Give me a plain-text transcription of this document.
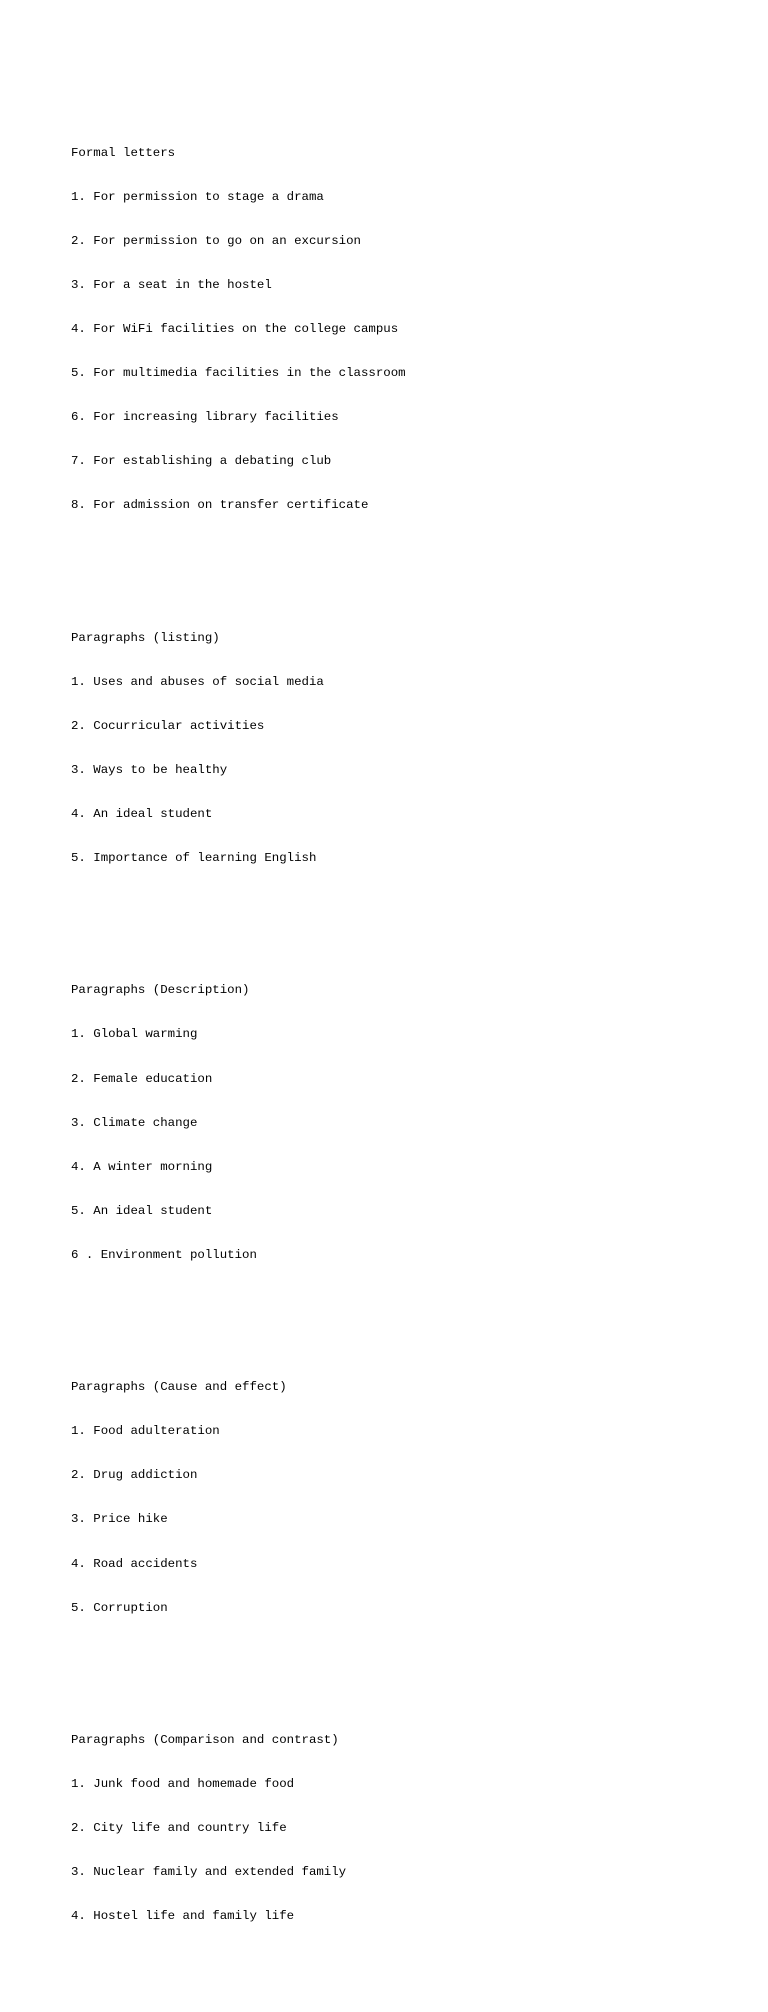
Formal letters

1. For permission to stage a drama

2. For permission to go on an excursion

3. For a seat in the hostel

4. For WiFi facilities on the college campus

5. For multimedia facilities in the classroom

6. For increasing library facilities

7. For establishing a debating club

8. For admission on transfer certificate

Paragraphs (listing)

1. Uses and abuses of social media

2. Cocurricular activities

3. Ways to be healthy

4. An ideal student

5. Importance of learning English

Paragraphs (Description)

1. Global warming

2. Female education

3. Climate change

4. A winter morning

5. An ideal student

6 . Environment pollution

Paragraphs (Cause and effect)

1. Food adulteration

2. Drug addiction

3. Price hike

4. Road accidents

5. Corruption

Paragraphs (Comparison and contrast)

1. Junk food and homemade food

2. City life and country life

3. Nuclear family and extended family

4. Hostel life and family life
